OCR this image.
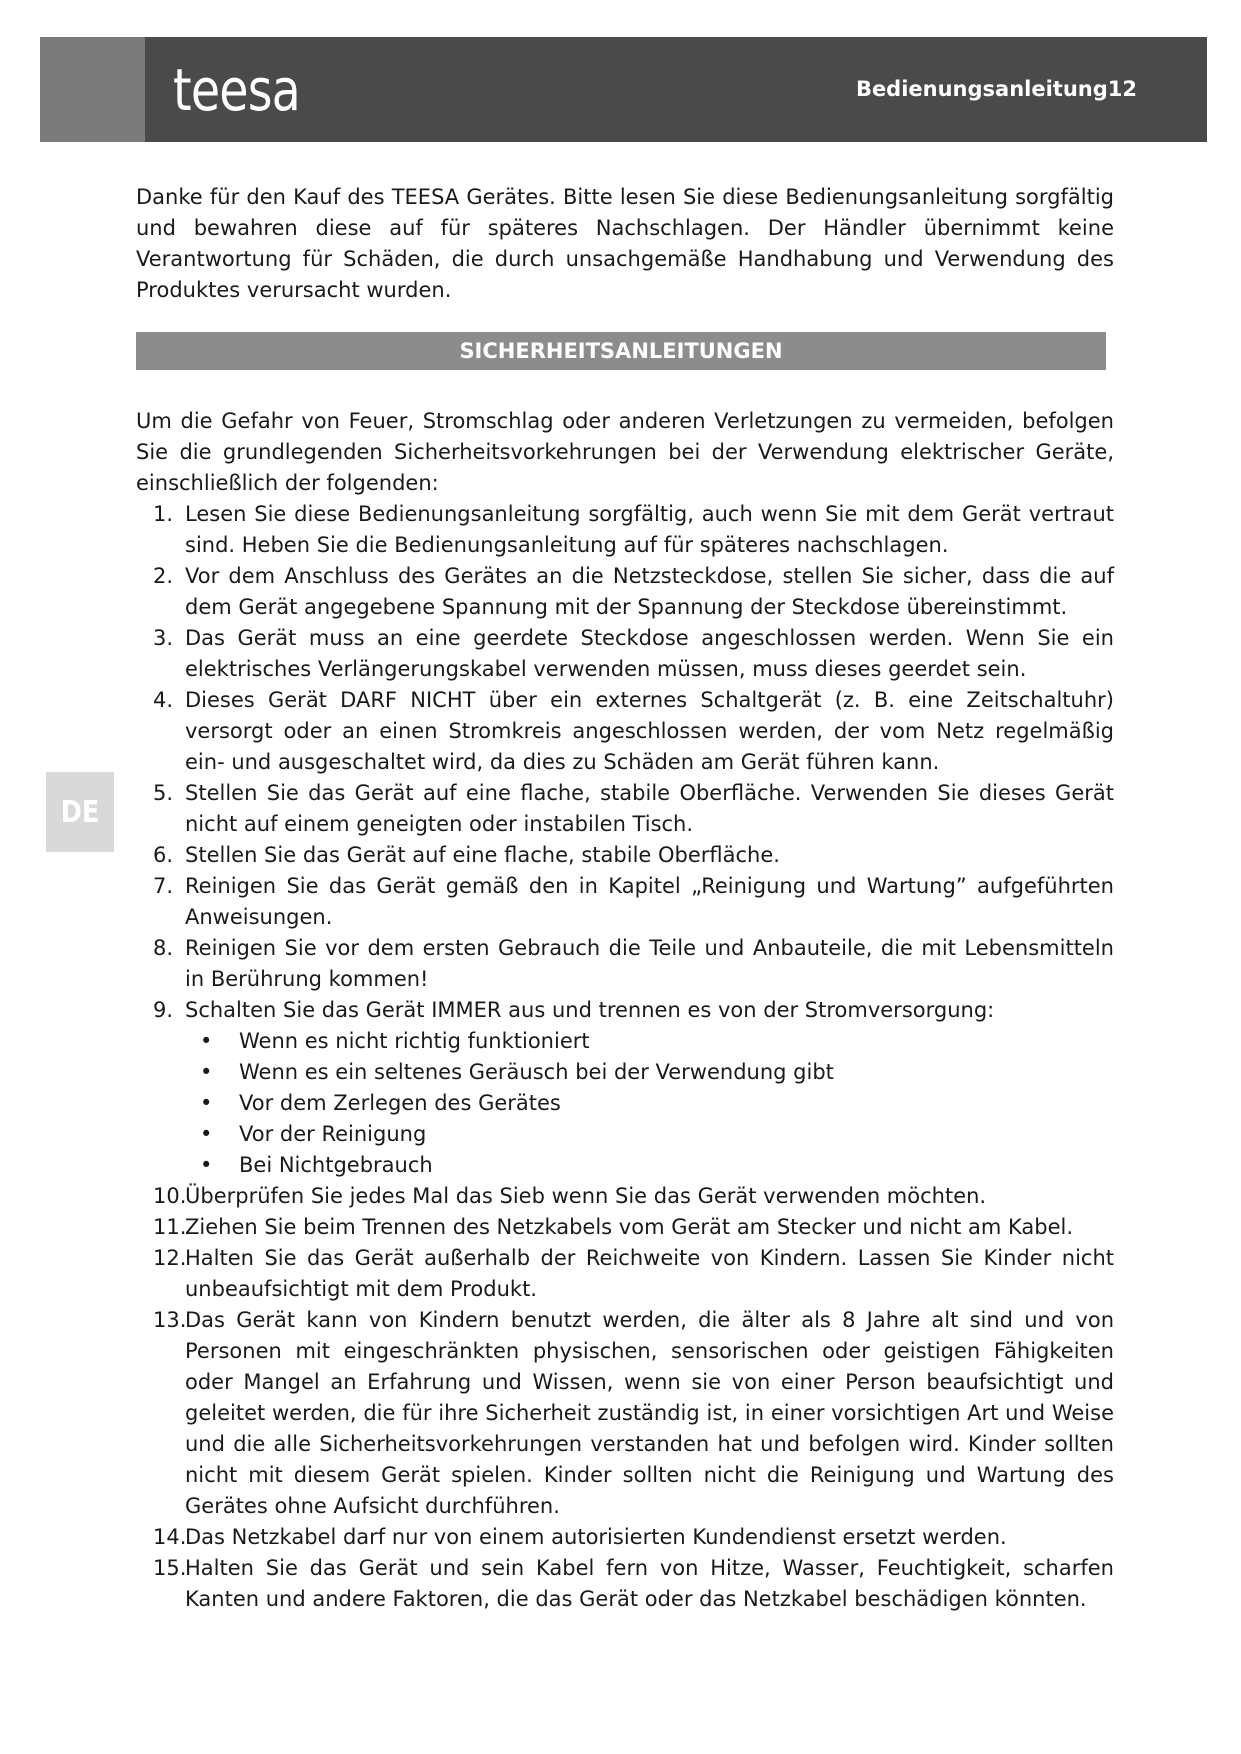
teesa	Bedienungsanleitung12
DE

Danke für den Kauf des TEESA Gerätes. Bitte lesen Sie diese Bedienungsanleitung sorgfältig und bewahren diese auf für späteres Nachschlagen. Der Händler übernimmt keine Verantwortung für Schäden, die durch unsachgemäße Handhabung und Verwendung des Produktes verursacht wurden.

SICHERHEITSANLEITUNGEN

Um die Gefahr von Feuer, Stromschlag oder anderen Verletzungen zu vermeiden, befolgen Sie die grundlegenden Sicherheitsvorkehrungen bei der Verwendung elektrischer Geräte, einschließlich der folgenden:

1. Lesen Sie diese Bedienungsanleitung sorgfältig, auch wenn Sie mit dem Gerät vertraut sind. Heben Sie die Bedienungsanleitung auf für späteres nachschlagen.
2. Vor dem Anschluss des Gerätes an die Netzsteckdose, stellen Sie sicher, dass die auf dem Gerät angegebene Spannung mit der Spannung der Steckdose übereinstimmt.
3. Das Gerät muss an eine geerdete Steckdose angeschlossen werden. Wenn Sie ein elektrisches Verlängerungskabel verwenden müssen, muss dieses geerdet sein.
4. Dieses Gerät DARF NICHT über ein externes Schaltgerät (z. B. eine Zeitschaltuhr) versorgt oder an einen Stromkreis angeschlossen werden, der vom Netz regelmäßig ein- und ausgeschaltet wird, da dies zu Schäden am Gerät führen kann.
5. Stellen Sie das Gerät auf eine flache, stabile Oberfläche. Verwenden Sie dieses Gerät nicht auf einem geneigten oder instabilen Tisch.
6. Stellen Sie das Gerät auf eine flache, stabile Oberfläche.
7. Reinigen Sie das Gerät gemäß den in Kapitel „Reinigung und Wartung” aufgeführten Anweisungen.
8. Reinigen Sie vor dem ersten Gebrauch die Teile und Anbauteile, die mit Lebensmitteln in Berührung kommen!
9. Schalten Sie das Gerät IMMER aus und trennen es von der Stromversorgung:
• Wenn es nicht richtig funktioniert
• Wenn es ein seltenes Geräusch bei der Verwendung gibt
• Vor dem Zerlegen des Gerätes
• Vor der Reinigung
• Bei Nichtgebrauch
10.
Überprüfen Sie jedes Mal das Sieb wenn Sie das Gerät verwenden möchten.
11.
Ziehen Sie beim Trennen des Netzkabels vom Gerät am Stecker und nicht am Kabel.
12.
Halten Sie das Gerät außerhalb der Reichweite von Kindern. Lassen Sie Kinder nicht unbeaufsichtigt mit dem Produkt.
13.
Das Gerät kann von Kindern benutzt werden, die älter als 8 Jahre alt sind und von Personen mit eingeschränkten physischen, sensorischen oder geistigen Fähigkeiten oder Mangel an Erfahrung und Wissen, wenn sie von einer Person beaufsichtigt und geleitet werden, die für ihre Sicherheit zuständig ist, in einer vorsichtigen Art und Weise und die alle Sicherheitsvorkehrungen verstanden hat und befolgen wird. Kinder sollten nicht mit diesem Gerät spielen. Kinder sollten nicht die Reinigung und Wartung des Gerätes ohne Aufsicht durchführen.
14.
Das Netzkabel darf nur von einem autorisierten Kundendienst ersetzt werden.
15.
Halten Sie das Gerät und sein Kabel fern von Hitze, Wasser, Feuchtigkeit, scharfen Kanten und andere Faktoren, die das Gerät oder das Netzkabel beschädigen könnten.
